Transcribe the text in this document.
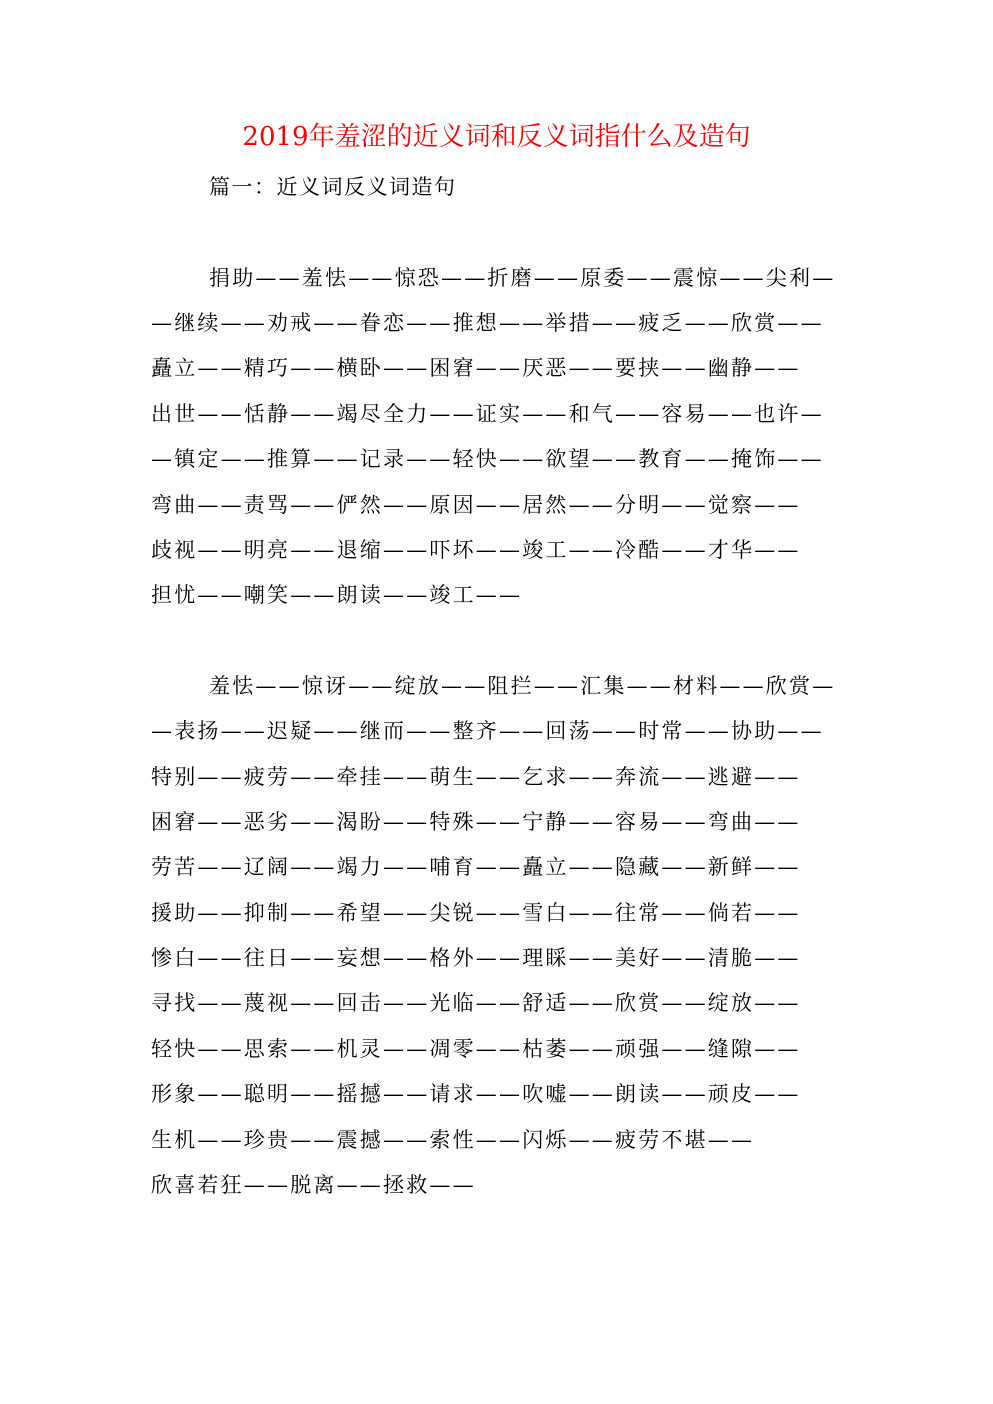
2019年羞涩的近义词和反义词指什么及造句
篇一：近义词反义词造句
捐助——羞怯——惊恐——折磨——原委——震惊——尖利—
—继续——劝戒——眷恋——推想——举措——疲乏——欣赏——
矗立——精巧——横卧——困窘——厌恶——要挟——幽静——
出世——恬静——竭尽全力——证实——和气——容易——也许—
—镇定——推算——记录——轻快——欲望——教育——掩饰——
弯曲——责骂——俨然——原因——居然——分明——觉察——
歧视——明亮——退缩——吓坏——竣工——冷酷——才华——
担忧——嘲笑——朗读——竣工——
羞怯——惊讶——绽放——阻拦——汇集——材料——欣赏—
—表扬——迟疑——继而——整齐——回荡——时常——协助——
特别——疲劳——牵挂——萌生——乞求——奔流——逃避——
困窘——恶劣——渴盼——特殊——宁静——容易——弯曲——
劳苦——辽阔——竭力——哺育——矗立——隐藏——新鲜——
援助——抑制——希望——尖锐——雪白——往常——倘若——
惨白——往日——妄想——格外——理睬——美好——清脆——
寻找——蔑视——回击——光临——舒适——欣赏——绽放——
轻快——思索——机灵——凋零——枯萎——顽强——缝隙——
形象——聪明——摇撼——请求——吹嘘——朗读——顽皮——
生机——珍贵——震撼——索性——闪烁——疲劳不堪——
欣喜若狂——脱离——拯救——
